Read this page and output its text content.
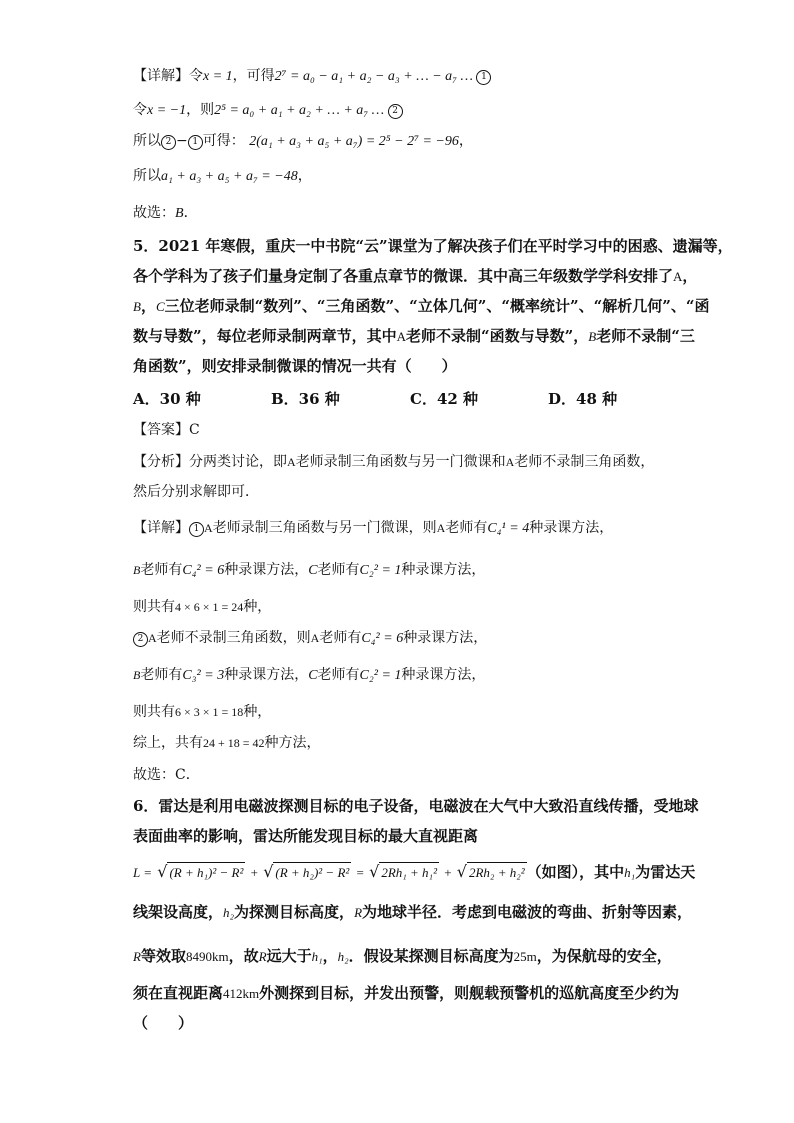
【详解】令x = 1，可得2⁷ = a₀ − a₁ + a₂ − a₃ + … − a₇ … 1
令x = −1，则2⁵ = a₀ + a₁ + a₂ + … + a₇ … 2
所以 2 − 1 可得： 2(a₁ + a₃ + a₅ + a₇) = 2⁵ − 2⁷ = −96，
所以a₁ + a₃ + a₅ + a₇ = −48，
故选：B．
5．2021 年寒假，重庆一中书院“云”课堂为了解决孩子们在平时学习中的困惑、遗漏等，
各个学科为了孩子们量身定制了各重点章节的微课．其中高三年级数学学科安排了A，
B，C三位老师录制“数列”、“三角函数”、“立体几何”、“概率统计”、“解析几何”、“函
数与导数”，每位老师录制两章节，其中A老师不录制“函数与导数”，B老师不录制“三
角函数”，则安排录制微课的情况一共有（　　）
A．30 种	B．36 种	C．42 种	D．48 种
【答案】C
【分析】分两类讨论，即A老师录制三角函数与另一门微课和A老师不录制三角函数，
然后分别求解即可．
【详解】 1 A老师录制三角函数与另一门微课，则A老师有C₄¹ = 4种录课方法，
B老师有C₄² = 6种录课方法，C老师有C₂² = 1种录课方法，
则共有4 × 6 × 1 = 24种，
2 A老师不录制三角函数，则A老师有C₄² = 6种录课方法，
B老师有C₃² = 3种录课方法，C老师有C₂² = 1种录课方法，
则共有6 × 3 × 1 = 18种，
综上，共有24 + 18 = 42种方法，
故选：C．
6．雷达是利用电磁波探测目标的电子设备，电磁波在大气中大致沿直线传播，受地球
表面曲率的影响，雷达所能发现目标的最大直视距离
L = √ (R + h₁)² − R² + √ (R + h₂)² − R² = √ 2Rh₁ + h₁² + √ 2Rh₂ + h₂² （如图），其中h₁为雷达天
线架设高度，h₂为探测目标高度，R为地球半径．考虑到电磁波的弯曲、折射等因素，
R等效取8490km，故R远大于h₁，h₂．假设某探测目标高度为25m，为保航母的安全，
须在直视距离412km外测探到目标，并发出预警，则舰载预警机的巡航高度至少约为
（　　）
